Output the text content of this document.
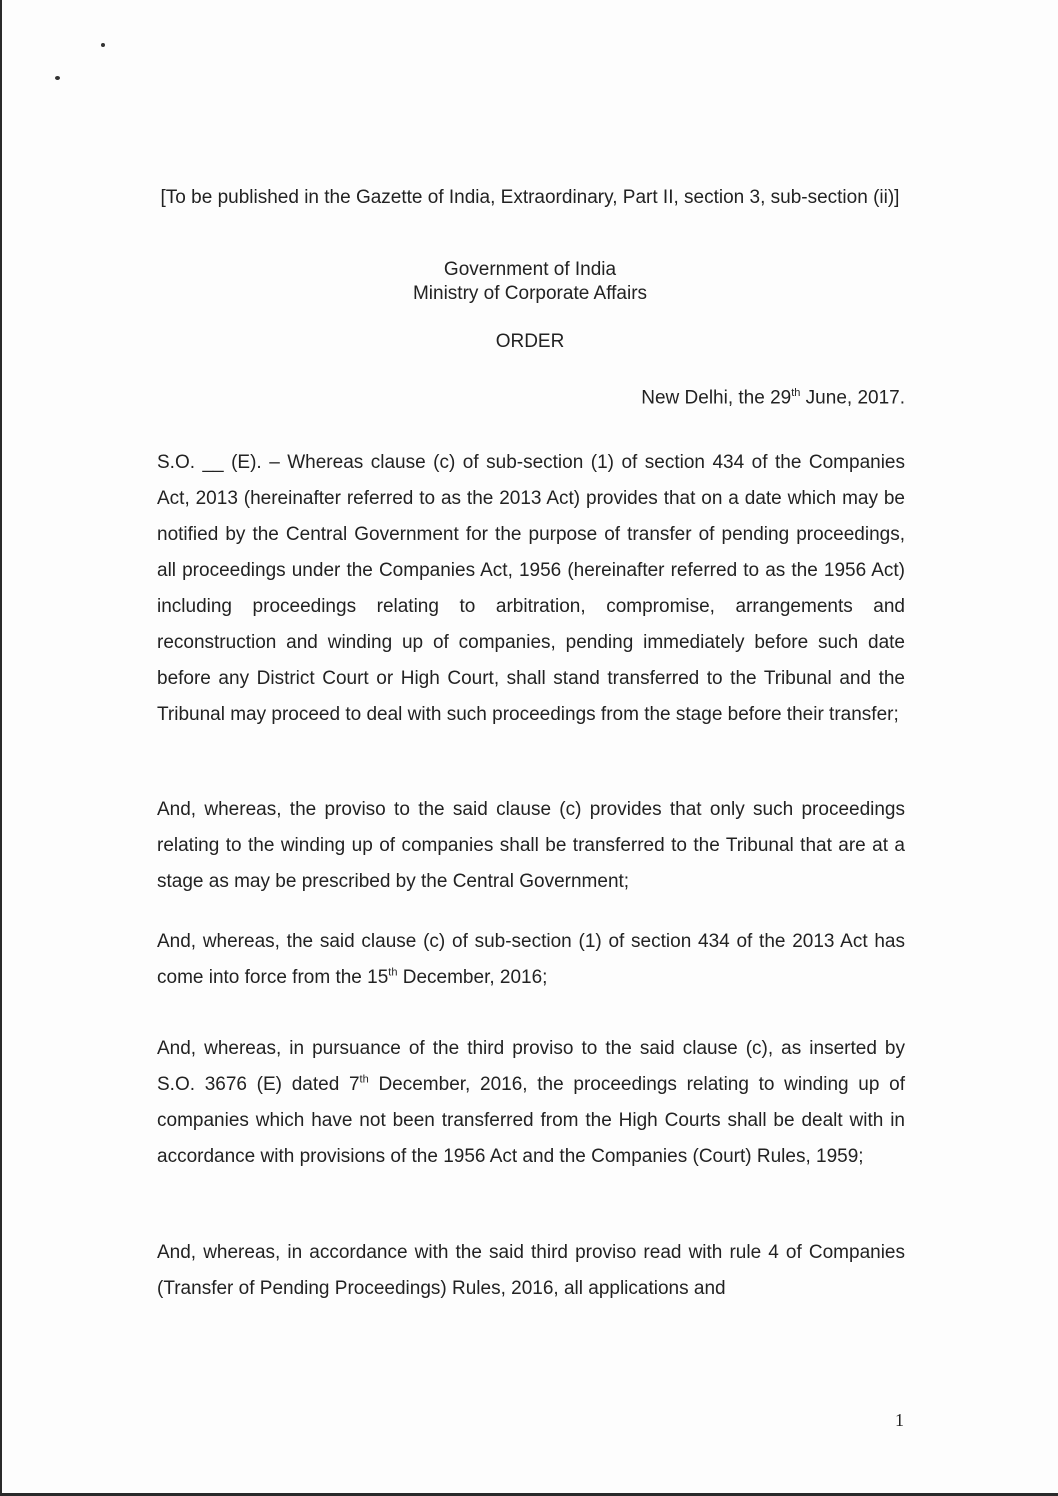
[To be published in the Gazette of India, Extraordinary, Part II, section 3, sub-section (ii)]
Government of India
Ministry of Corporate Affairs
ORDER
New Delhi, the 29th June, 2017.

S.O. __ (E). – Whereas clause (c) of sub-section (1) of section 434 of the Companies Act, 2013 (hereinafter referred to as the 2013 Act) provides that on a date which may be notified by the Central Government for the purpose of transfer of pending proceedings, all proceedings under the Companies Act, 1956 (hereinafter referred to as the 1956 Act) including proceedings relating to arbitration, compromise, arrangements and reconstruction and winding up of companies, pending immediately before such date before any District Court or High Court, shall stand transferred to the Tribunal and the Tribunal may proceed to deal with such proceedings from the stage before their transfer;

And, whereas, the proviso to the said clause (c) provides that only such proceedings relating to the winding up of companies shall be transferred to the Tribunal that are at a stage as may be prescribed by the Central Government;

And, whereas, the said clause (c) of sub-section (1) of section 434 of the 2013 Act has come into force from the 15th December, 2016;

And, whereas, in pursuance of the third proviso to the said clause (c), as inserted by S.O. 3676 (E) dated 7th December, 2016, the proceedings relating to winding up of companies which have not been transferred from the High Courts shall be dealt with in accordance with provisions of the 1956 Act and the Companies (Court) Rules, 1959;

And, whereas, in accordance with the said third proviso read with rule 4 of Companies (Transfer of Pending Proceedings) Rules, 2016, all applications and

1
